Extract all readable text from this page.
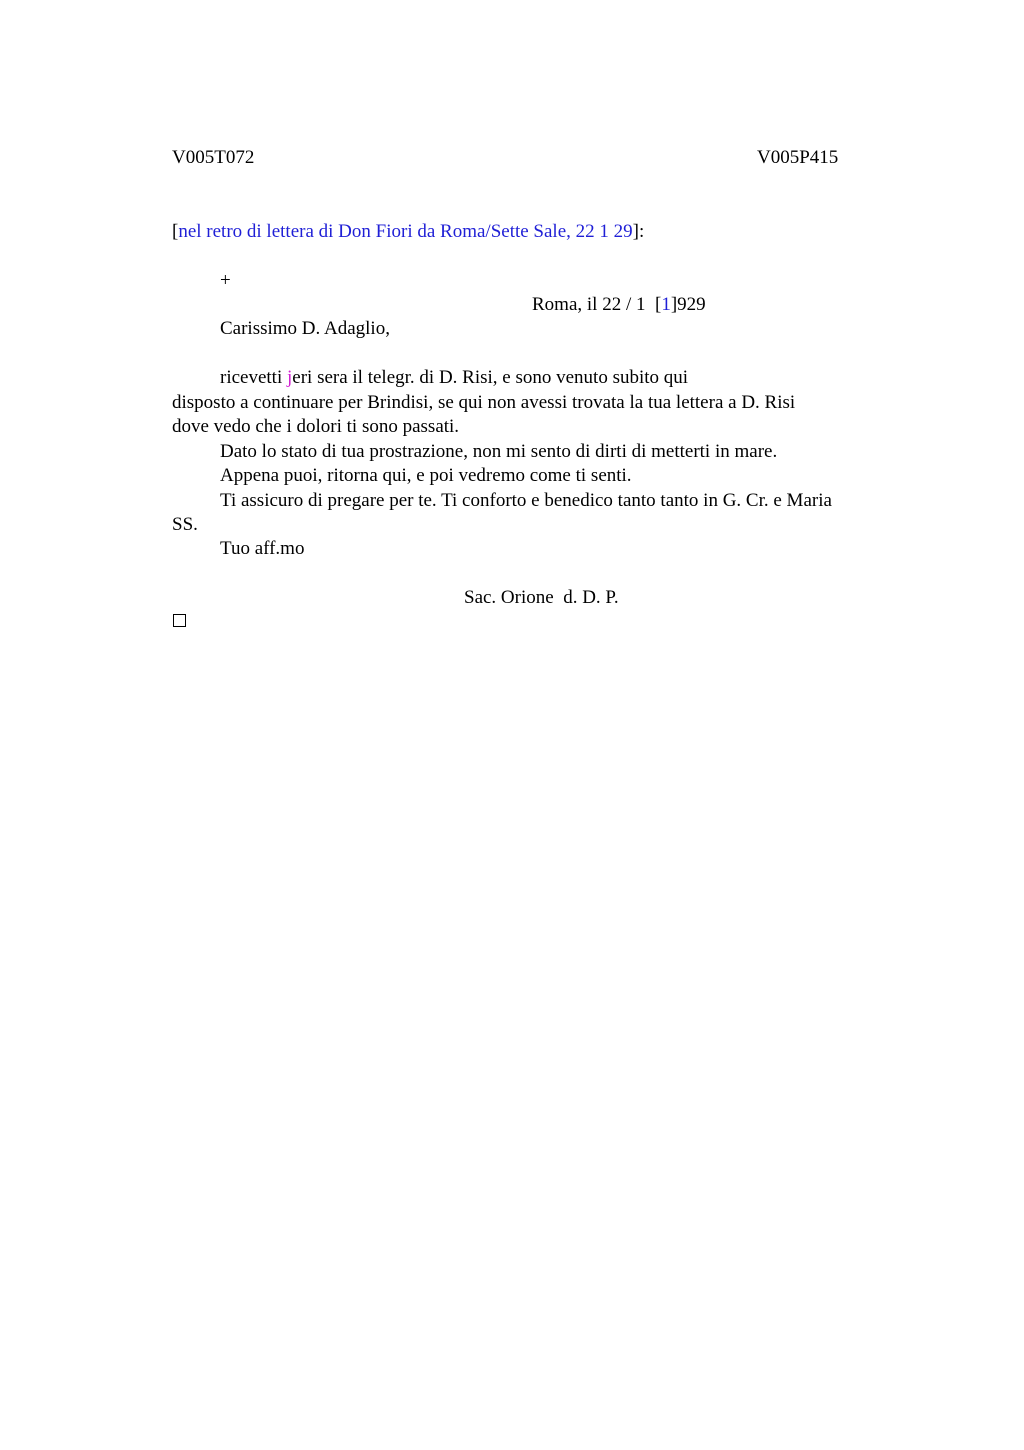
V005T072	V005P415
[nel retro di lettera di Don Fiori da Roma/Sette Sale, 22 1 29]:
+

Roma, il 22 / 1  [1]929

Carissimo D. Adaglio,
ricevetti jeri sera il telegr. di D. Risi, e sono venuto subito qui
disposto a continuare per Brindisi, se qui non avessi trovata la tua lettera a D. Risi
dove vedo che i dolori ti sono passati.
Dato lo stato di tua prostrazione, non mi sento di dirti di metterti in mare.
Appena puoi, ritorna qui, e poi vedremo come ti senti.
Ti assicuro di pregare per te. Ti conforto e benedico tanto tanto in G. Cr. e Maria
SS.
Tuo aff.mo
Sac. Orione  d. D. P.
